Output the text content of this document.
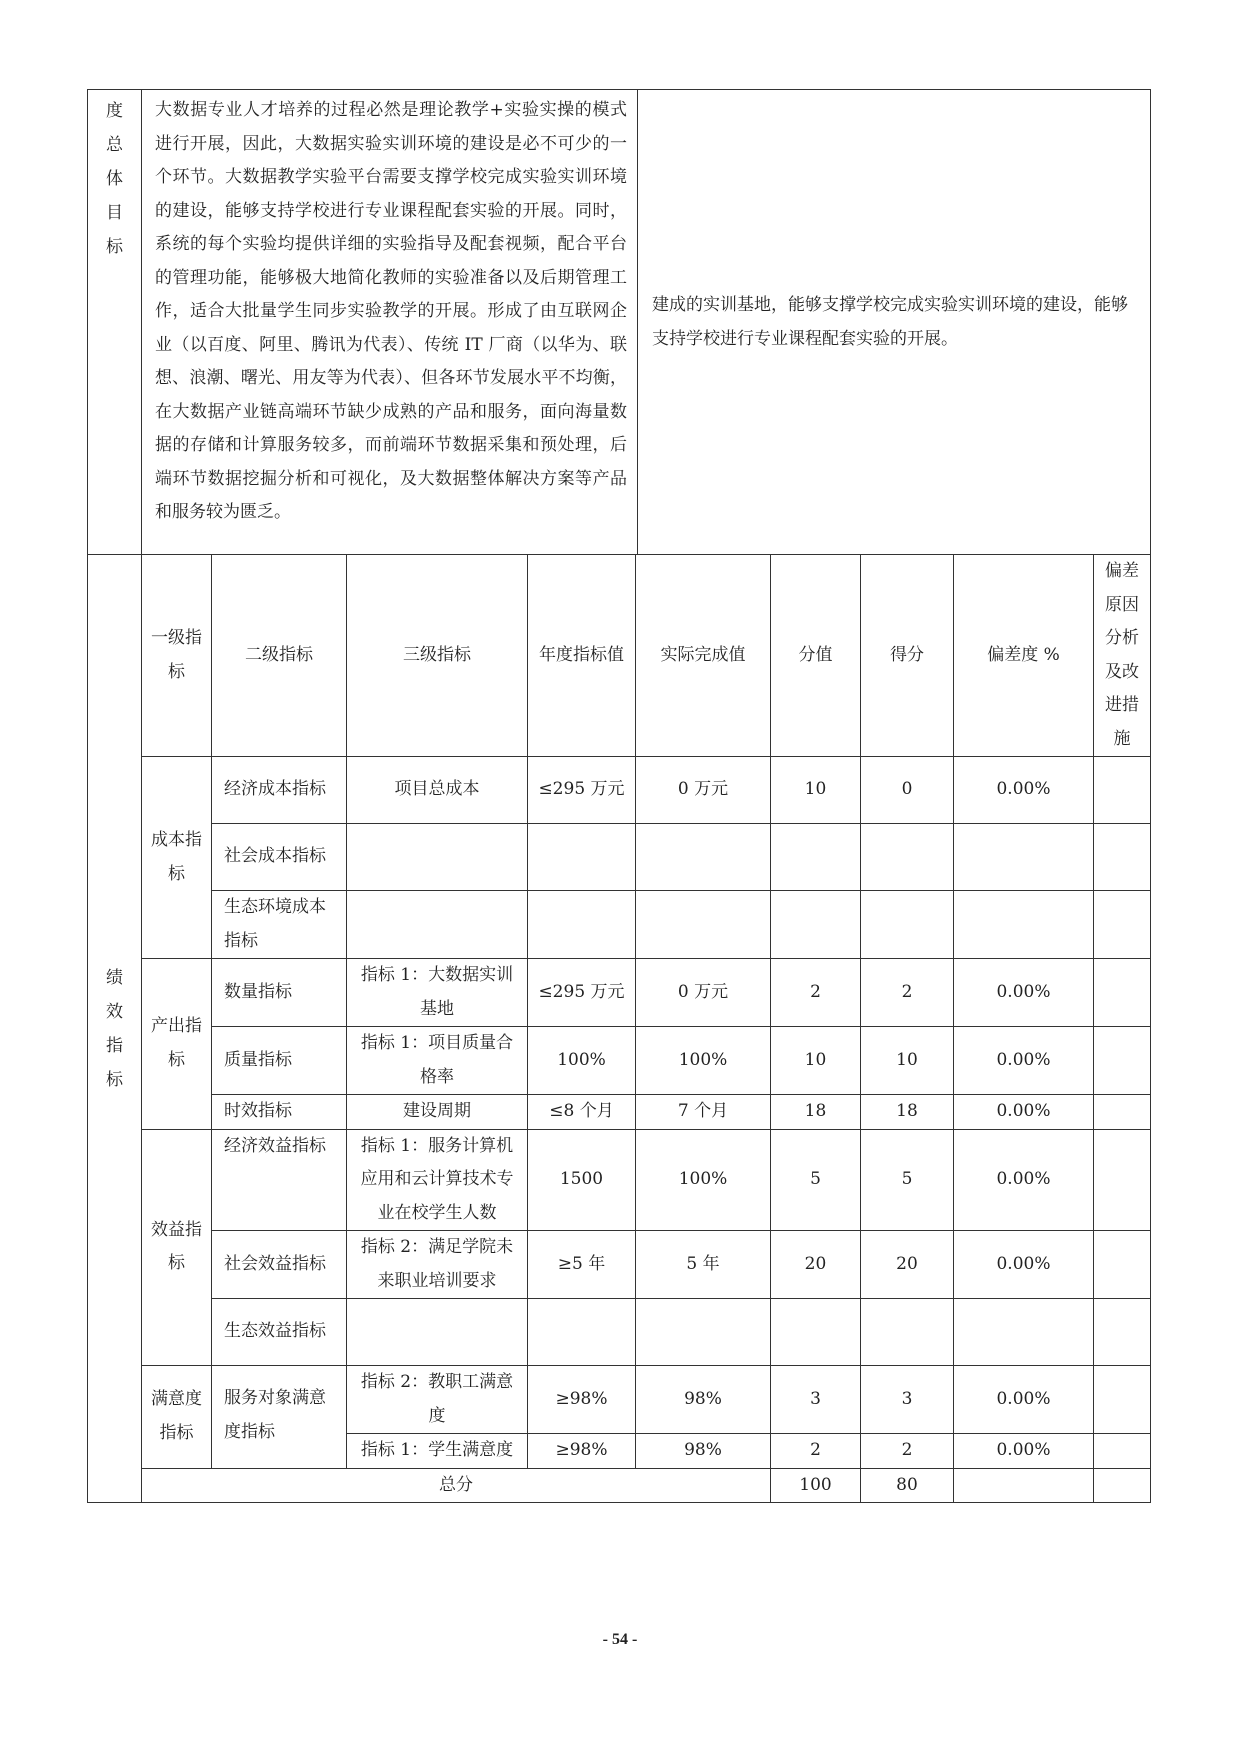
度
总
体
目
标
	大数据专业人才培养的过程必然是理论教学+实验实操的模式进行开展，因此，大数据实验实训环境的建设是必不可少的一个环节。大数据教学实验平台需要支撑学校完成实验实训环境的建设，能够支持学校进行专业课程配套实验的开展。同时，系统的每个实验均提供详细的实验指导及配套视频，配合平台的管理功能，能够极大地简化教师的实验准备以及后期管理工作，适合大批量学生同步实验教学的开展。形成了由互联网企业（以百度、阿里、腾讯为代表）、传统 IT 厂商（以华为、联想、浪潮、曙光、用友等为代表）、但各环节发展水平不均衡，在大数据产业链高端环节缺少成熟的产品和服务，面向海量数据的存储和计算服务较多，而前端环节数据采集和预处理，后端环节数据挖掘分析和可视化，及大数据整体解决方案等产品和服务较为匮乏。	建成的实训基地，能够支撑学校完成实验实训环境的建设，能够支持学校进行专业课程配套实验的开展。
绩
效
指
标	一级指标	二级指标	三级指标	年度指标值	实际完成值	分值	得分	偏差度 %	偏差原因分析及改进措施
	成本指标	经济成本指标	项目总成本	≤295 万元	0 万元	10	0	0.00%	
		社会成本指标							
		生态环境成本指标							
	产出指标	数量指标	指标 1：大数据实训基地	≤295 万元	0 万元	2	2	0.00%	
		质量指标	指标 1：项目质量合格率	100%	100%	10	10	0.00%	
		时效指标	建设周期	≤8 个月	7 个月	18	18	0.00%	
	效益指标	经济效益指标	指标 1：服务计算机应用和云计算技术专业在校学生人数	1500	100%	5	5	0.00%	
		社会效益指标	指标 2：满足学院未来职业培训要求	≥5 年	5 年	20	20	0.00%	
		生态效益指标							
	满意度指标	服务对象满意度指标	指标 2：教职工满意度	≥98%	98%	3	3	0.00%	
			指标 1：学生满意度	≥98%	98%	2	2	0.00%	
	总分					100	80		
- 54 -
